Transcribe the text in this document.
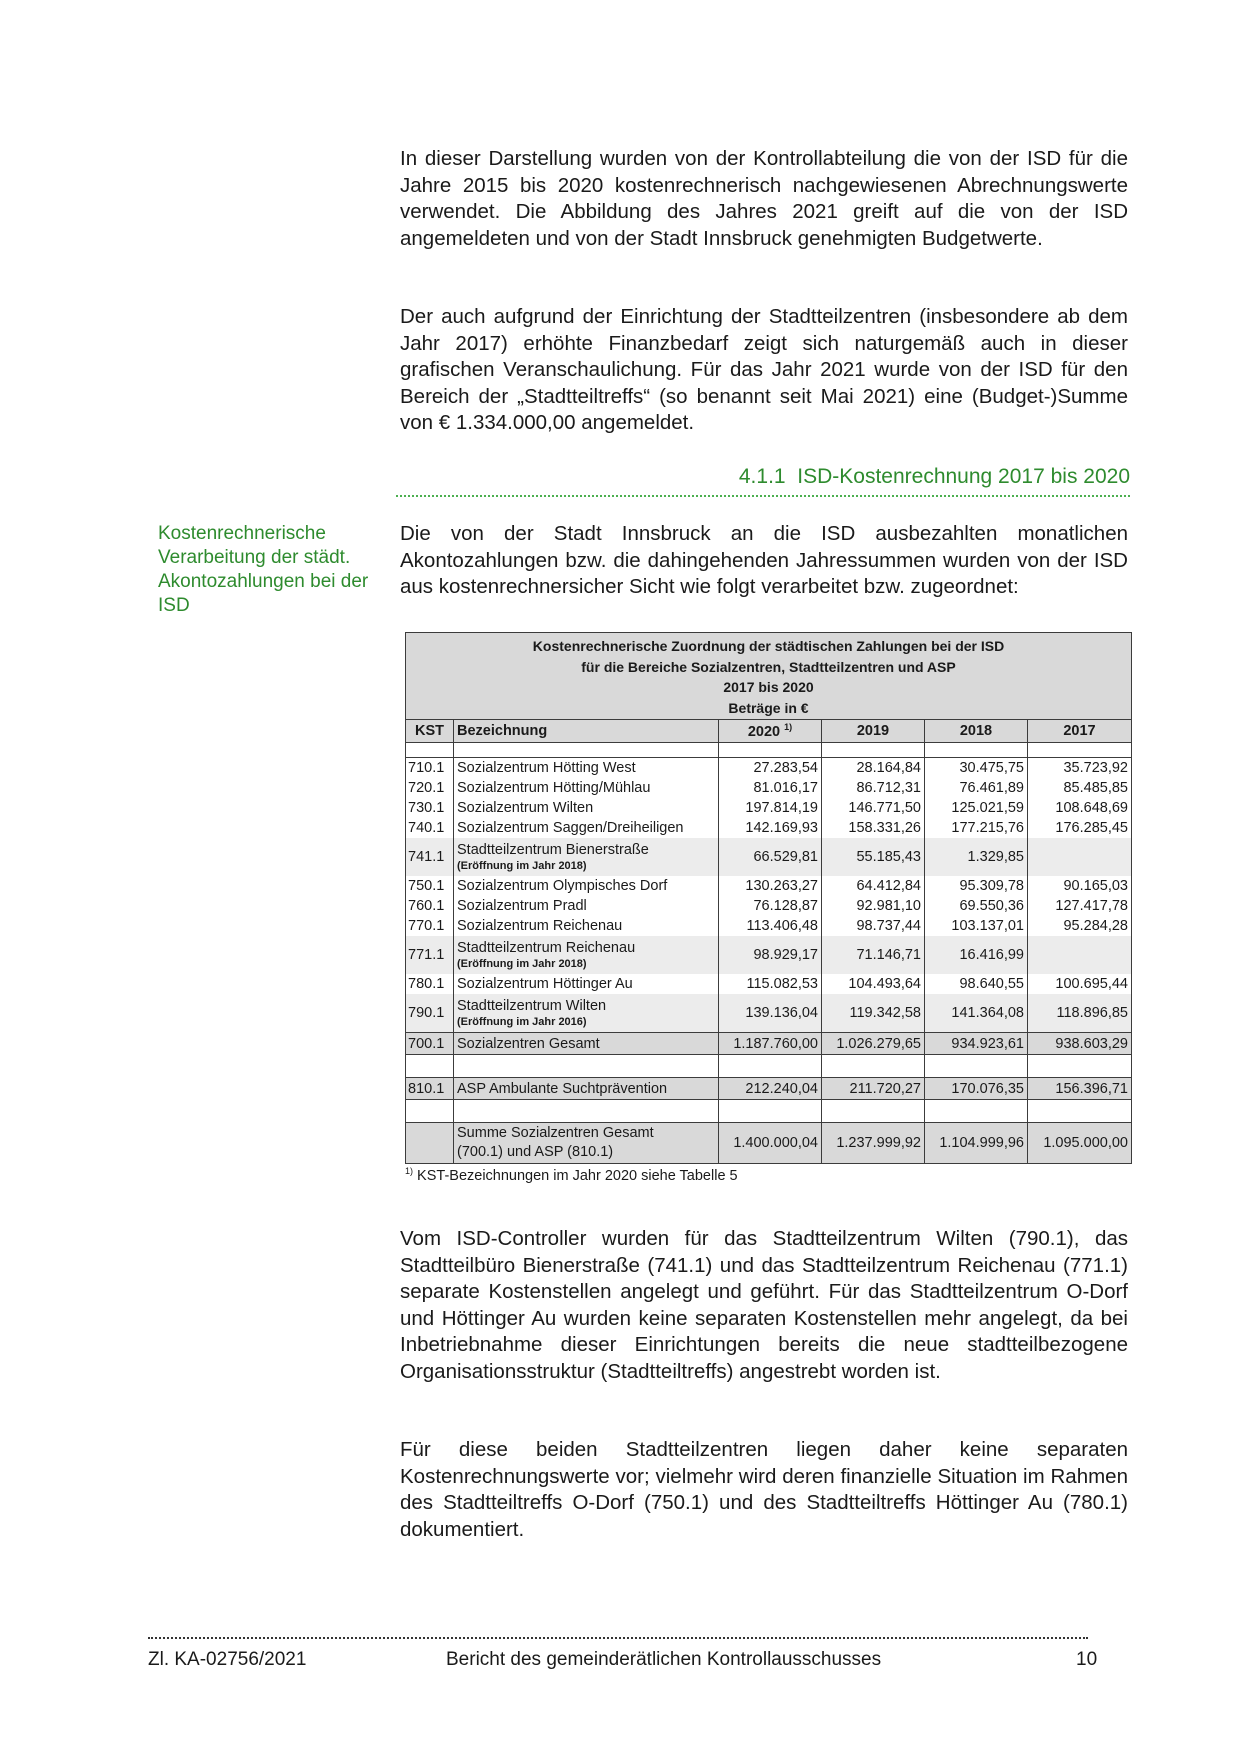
In dieser Darstellung wurden von der Kontrollabteilung die von der ISD für die Jahre 2015 bis 2020 kostenrechnerisch nachgewiesenen Abrechnungswerte verwendet. Die Abbildung des Jahres 2021 greift auf die von der ISD angemeldeten und von der Stadt Innsbruck genehmigten Budgetwerte.

Der auch aufgrund der Einrichtung der Stadtteilzentren (insbesondere ab dem Jahr 2017) erhöhte Finanzbedarf zeigt sich naturgemäß auch in dieser grafischen Veranschaulichung. Für das Jahr 2021 wurde von der ISD für den Bereich der „Stadtteiltreffs“ (so benannt seit Mai 2021) eine (Budget-)Summe von € 1.334.000,00 angemeldet.

4.1.1 ISD-Kostenrechnung 2017 bis 2020

Kostenrechnerische Verarbeitung der städt. Akontozahlungen bei der ISD

Die von der Stadt Innsbruck an die ISD ausbezahlten monatlichen Akontozahlungen bzw. die dahingehenden Jahressummen wurden von der ISD aus kostenrechnersicher Sicht wie folgt verarbeitet bzw. zugeordnet:

Kostenrechnerische Zuordnung der städtischen Zahlungen bei der ISD
für die Bereiche Sozialzentren, Stadtteilzentren und ASP
2017 bis 2020
Beträge in €					

KST	Bezeichnung	2020 $^{1)}$	2019	2018	2017

710.1	Sozialzentrum Hötting West	27.283,54	28.164,84	30.475,75	35.723,92
720.1	Sozialzentrum Hötting/Mühlau	81.016,17	86.712,31	76.461,89	85.485,85
730.1	Sozialzentrum Wilten	197.814,19	146.771,50	125.021,59	108.648,69
740.1	Sozialzentrum Saggen/Dreiheiligen	142.169,93	158.331,26	177.215,76	176.285,45
741.1	Stadtteilzentrum Bienerstraße
(Eröffnung im Jahr 2018)	66.529,81	55.185,43	1.329,85	
750.1	Sozialzentrum Olympisches Dorf	130.263,27	64.412,84	95.309,78	90.165,03
760.1	Sozialzentrum Pradl	76.128,87	92.981,10	69.550,36	127.417,78
770.1	Sozialzentrum Reichenau	113.406,48	98.737,44	103.137,01	95.284,28
771.1	Stadtteilzentrum Reichenau
(Eröffnung im Jahr 2018)	98.929,17	71.146,71	16.416,99	
780.1	Sozialzentrum Höttinger Au	115.082,53	104.493,64	98.640,55	100.695,44
790.1	Stadtteilzentrum Wilten
(Eröffnung im Jahr 2016)	139.136,04	119.342,58	141.364,08	118.896,85
700.1	Sozialzentren Gesamt	1.187.760,00	1.026.279,65	934.923,61	938.603,29

810.1	ASP Ambulante Suchtprävention	212.240,04	211.720,27	170.076,35	156.396,71

	Summe Sozialzentren Gesamt
(700.1) und ASP (810.1)	1.400.000,04	1.237.999,92	1.104.999,96	1.095.000,00
$^{1)}$ KST-Bezeichnungen im Jahr 2020 siehe Tabelle 5

Vom ISD-Controller wurden für das Stadtteilzentrum Wilten (790.1), das Stadtteilbüro Bienerstraße (741.1) und das Stadtteilzentrum Reichenau (771.1) separate Kostenstellen angelegt und geführt. Für das Stadtteilzentrum O-Dorf und Höttinger Au wurden keine separaten Kostenstellen mehr angelegt, da bei Inbetriebnahme dieser Einrichtungen bereits die neue stadtteilbezogene Organisationsstruktur (Stadtteiltreffs) angestrebt worden ist.

Für diese beiden Stadtteilzentren liegen daher keine separaten Kostenrechnungswerte vor; vielmehr wird deren finanzielle Situation im Rahmen des Stadtteiltreffs O-Dorf (750.1) und des Stadtteiltreffs Höttinger Au (780.1) dokumentiert.

Zl. KA-02756/2021	Bericht des gemeinderätlichen Kontrollausschusses	10
